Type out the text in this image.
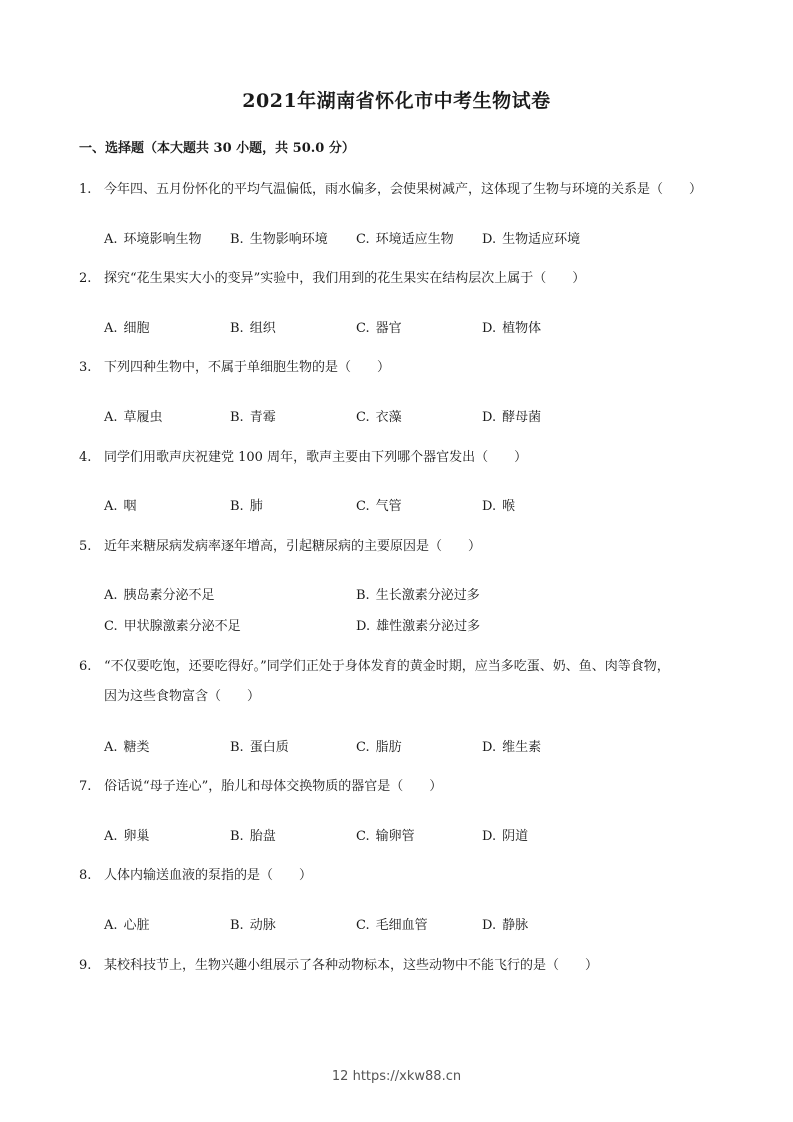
2021年湖南省怀化市中考生物试卷
一、选择题（本大题共 30 小题，共 50.0 分）
1. 今年四、五月份怀化的平均气温偏低，雨水偏多，会使果树减产，这体现了生物与环境的关系是（　　）
A. 环境影响生物 B. 生物影响环境 C. 环境适应生物 D. 生物适应环境
2. 探究“花生果实大小的变异”实验中，我们用到的花生果实在结构层次上属于（　　）
A. 细胞	B. 组织	C. 器官	D. 植物体
3. 下列四种生物中，不属于单细胞生物的是（　　）
A. 草履虫	B. 青霉	C. 衣藻	D. 酵母菌
4. 同学们用歌声庆祝建党 100 周年，歌声主要由下列哪个器官发出（　　）
A. 咽	B. 肺	C. 气管	D. 喉
5. 近年来糖尿病发病率逐年增高，引起糖尿病的主要原因是（　　）
A. 胰岛素分泌不足	B. 生长激素分泌过多
C. 甲状腺激素分泌不足	D. 雄性激素分泌过多
6. “不仅要吃饱，还要吃得好。”同学们正处于身体发育的黄金时期，应当多吃蛋、奶、鱼、肉等食物，
因为这些食物富含（　　）
A. 糖类	B. 蛋白质	C. 脂肪	D. 维生素
7. 俗话说“母子连心”，胎儿和母体交换物质的器官是（　　）
A. 卵巢	B. 胎盘	C. 输卵管	D. 阴道
8. 人体内输送血液的泵指的是（　　）
A. 心脏	B. 动脉	C. 毛细血管	D. 静脉
9. 某校科技节上，生物兴趣小组展示了各种动物标本，这些动物中不能飞行的是（　　）
12 https://xkw88.cn
